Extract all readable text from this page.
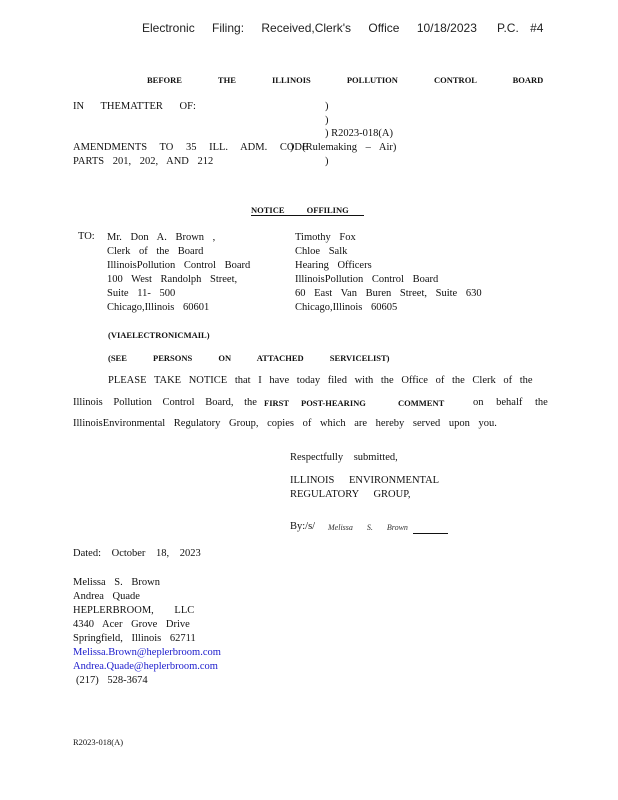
Electronic Filing: Received,Clerk's Office 10/18/2023 P.C. #4
BEFORE THE ILLINOIS POLLUTION CONTROL BOARD
IN THEMATTER OF:	)
)
) R2023-018(A)
AMENDMENTS TO 35 ILL. ADM. CODE
) (Rulemaking – Air)
PARTS 201, 202, AND 212	)
NOTICE OFFILING
TO: Mr. Don A. Brown ,
Clerk of the Board
IllinoisPollution Control Board
100 West Randolph Street,
Suite 11- 500
Chicago,Illinois 60601
Timothy Fox
Chloe Salk
Hearing Officers
IllinoisPollution Control Board
60 East Van Buren Street, Suite 630
Chicago,Illinois 60605
(VIAELECTRONICMAIL)
(SEE PERSONS ON ATTACHED SERVICELIST)
PLEASE TAKE NOTICE that I have today filed with the Office of the Clerk of the
Illinois Pollution Control Board, the FIRST POST-HEARING	COMMENT	on behalf the
IllinoisEnvironmental Regulatory Group, copies of which are hereby served upon you.
Respectfully submitted,
ILLINOIS ENVIRONMENTAL
REGULATORY GROUP,
By:/s/ Melissa S. Brown
Dated: October 18, 2023
Melissa S. Brown
Andrea Quade
HEPLERBROOM, LLC
4340 Acer Grove Drive
Springfield, Illinois 62711
Melissa.Brown@heplerbroom.com
Andrea.Quade@heplerbroom.com
(217) 528-3674
R2023-018(A)
